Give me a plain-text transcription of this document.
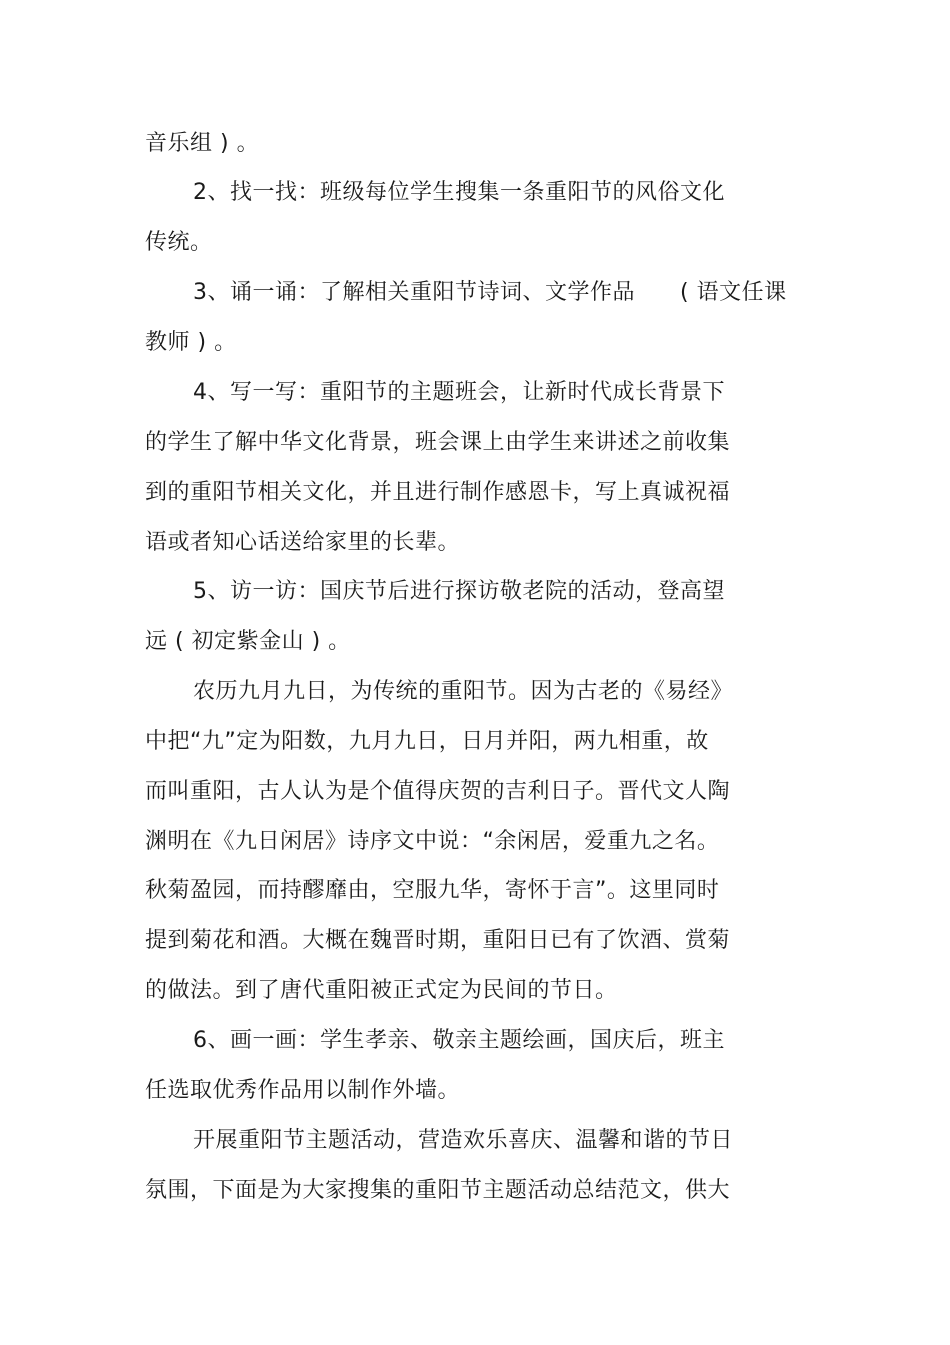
音乐组 ) 。
2、找一找：班级每位学生搜集一条重阳节的风俗文化
传统。
3、诵一诵：了解相关重阳节诗词、文学作品　　( 语文任课
教师 ) 。
4、写一写：重阳节的主题班会，让新时代成长背景下
的学生了解中华文化背景，班会课上由学生来讲述之前收集
到的重阳节相关文化，并且进行制作感恩卡，写上真诚祝福
语或者知心话送给家里的长辈。
5、访一访：国庆节后进行探访敬老院的活动，登高望
远 ( 初定紫金山 ) 。
农历九月九日，为传统的重阳节。因为古老的《易经》
中把“九”定为阳数，九月九日，日月并阳，两九相重，故
而叫重阳，古人认为是个值得庆贺的吉利日子。晋代文人陶
渊明在《九日闲居》诗序文中说：“余闲居，爱重九之名。
秋菊盈园，而持醪靡由，空服九华，寄怀于言”。这里同时
提到菊花和酒。大概在魏晋时期，重阳日已有了饮酒、赏菊
的做法。到了唐代重阳被正式定为民间的节日。
6、画一画：学生孝亲、敬亲主题绘画，国庆后，班主
任选取优秀作品用以制作外墙。
开展重阳节主题活动，营造欢乐喜庆、温馨和谐的节日
氛围，下面是为大家搜集的重阳节主题活动总结范文，供大
